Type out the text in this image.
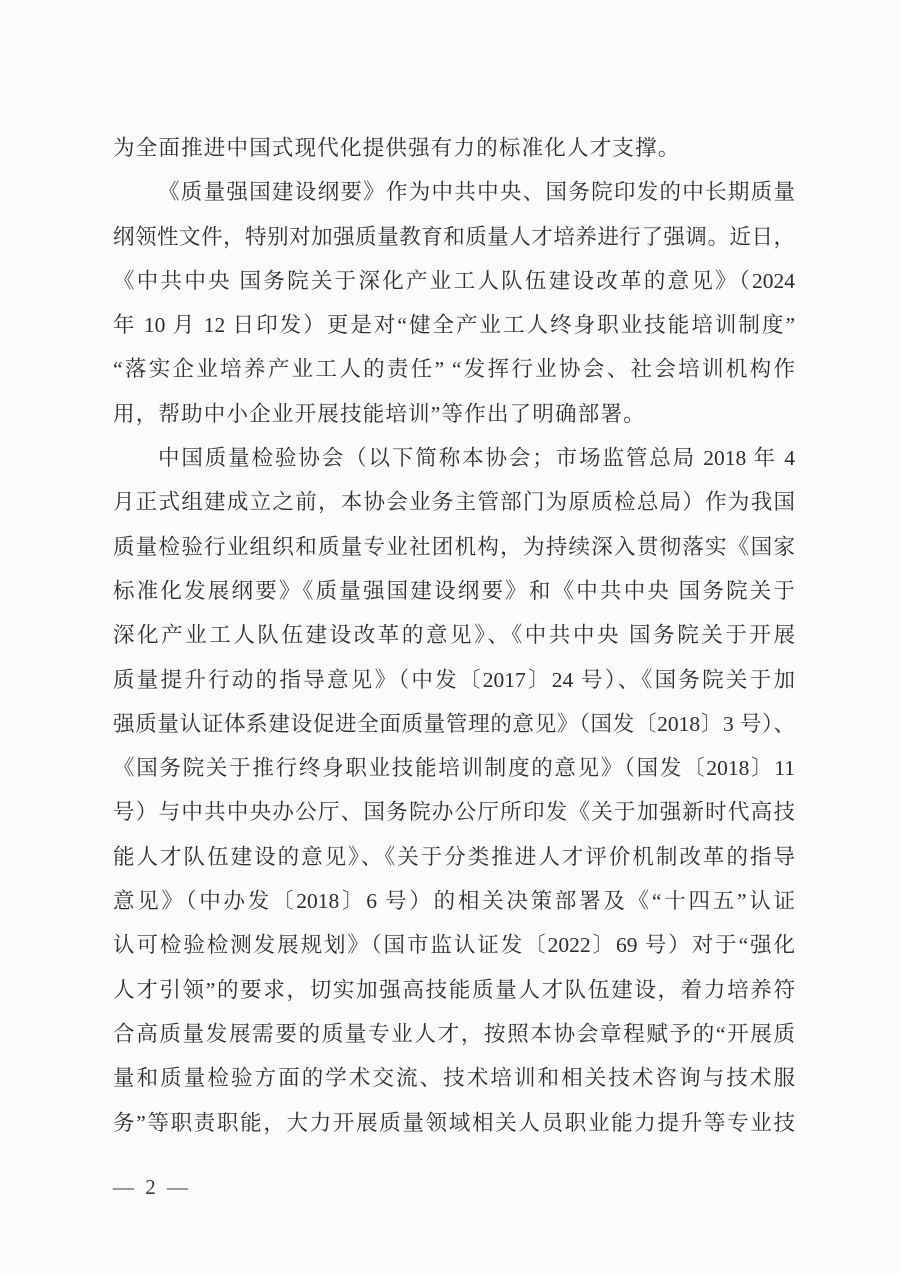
为全面推进中国式现代化提供强有力的标准化人才支撑。
《质量强国建设纲要》作为中共中央、国务院印发的中长期质量
纲领性文件，特别对加强质量教育和质量人才培养进行了强调。近日，
《中共中央 国务院关于深化产业工人队伍建设改革的意见》（2024
年 10 月 12 日印发）更是对“健全产业工人终身职业技能培训制度”
“落实企业培养产业工人的责任” “发挥行业协会、社会培训机构作
用，帮助中小企业开展技能培训”等作出了明确部署。
中国质量检验协会（以下简称本协会；市场监管总局 2018 年 4
月正式组建成立之前，本协会业务主管部门为原质检总局）作为我国
质量检验行业组织和质量专业社团机构，为持续深入贯彻落实《国家
标准化发展纲要》《质量强国建设纲要》和《中共中央 国务院关于
深化产业工人队伍建设改革的意见》、《中共中央 国务院关于开展
质量提升行动的指导意见》（中发〔2017〕24 号）、《国务院关于加
强质量认证体系建设促进全面质量管理的意见》（国发〔2018〕3 号）、
《国务院关于推行终身职业技能培训制度的意见》（国发〔2018〕11
号）与中共中央办公厅、国务院办公厅所印发《关于加强新时代高技
能人才队伍建设的意见》、《关于分类推进人才评价机制改革的指导
意见》（中办发〔2018〕6 号）的相关决策部署及《“十四五”认证
认可检验检测发展规划》（国市监认证发〔2022〕69 号）对于“强化
人才引领”的要求，切实加强高技能质量人才队伍建设，着力培养符
合高质量发展需要的质量专业人才，按照本协会章程赋予的“开展质
量和质量检验方面的学术交流、技术培训和相关技术咨询与技术服
务”等职责职能，大力开展质量领域相关人员职业能力提升等专业技
— 2 —
